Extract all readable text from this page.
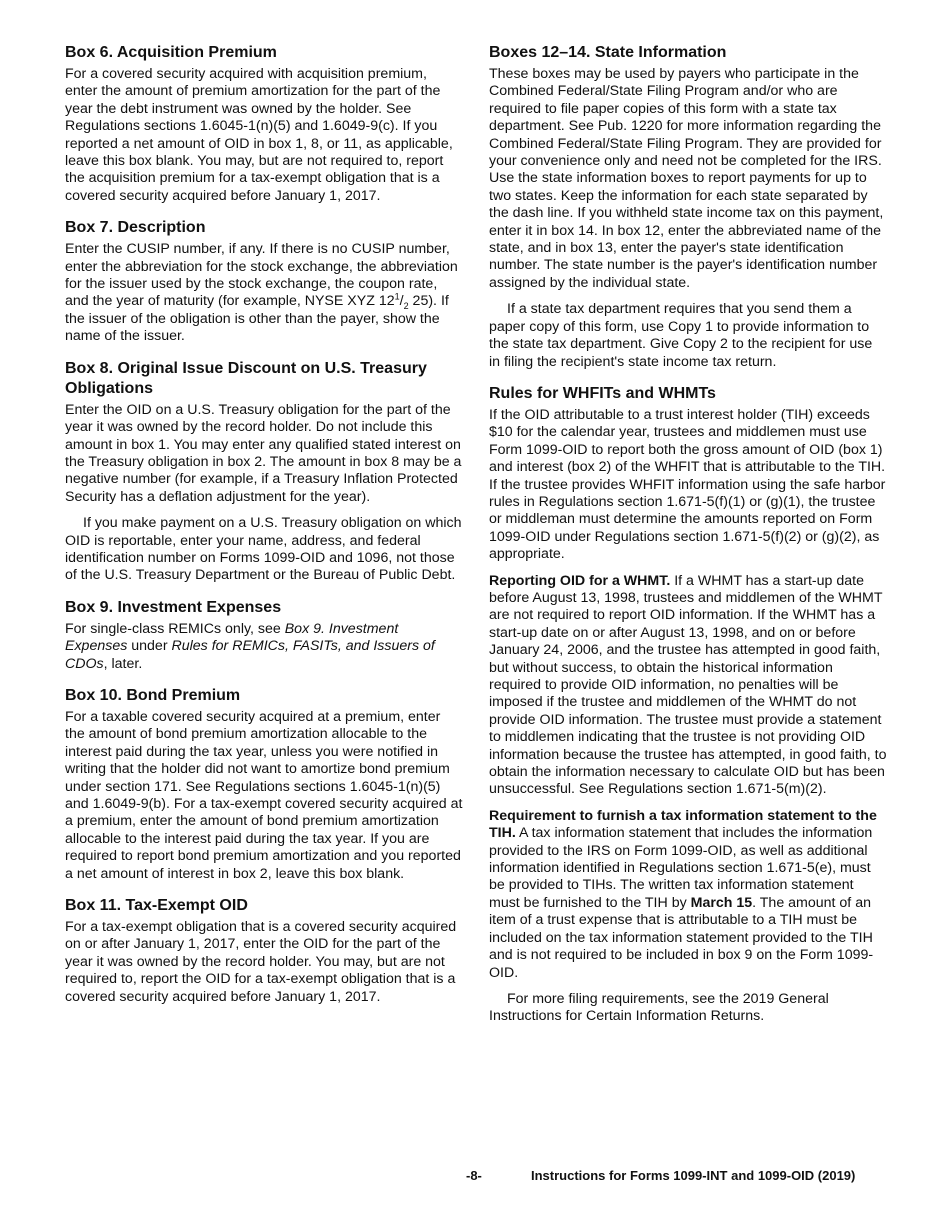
Box 6. Acquisition Premium

For a covered security acquired with acquisition premium, enter the amount of premium amortization for the part of the year the debt instrument was owned by the holder. See Regulations sections 1.6045-1(n)(5) and 1.6049-9(c). If you reported a net amount of OID in box 1, 8, or 11, as applicable, leave this box blank. You may, but are not required to, report the acquisition premium for a tax-exempt obligation that is a covered security acquired before January 1, 2017.

Box 7. Description

Enter the CUSIP number, if any. If there is no CUSIP number, enter the abbreviation for the stock exchange, the abbreviation for the issuer used by the stock exchange, the coupon rate, and the year of maturity (for example, NYSE XYZ $12^1/_2$ 25). If the issuer of the obligation is other than the payer, show the name of the issuer.

Box 8. Original Issue Discount on U.S. Treasury Obligations

Enter the OID on a U.S. Treasury obligation for the part of the year it was owned by the record holder. Do not include this amount in box 1. You may enter any qualified stated interest on the Treasury obligation in box 2. The amount in box 8 may be a negative number (for example, if a Treasury Inflation Protected Security has a deflation adjustment for the year).

If you make payment on a U.S. Treasury obligation on which OID is reportable, enter your name, address, and federal identification number on Forms 1099-OID and 1096, not those of the U.S. Treasury Department or the Bureau of Public Debt.

Box 9. Investment Expenses

For single-class REMICs only, see Box 9. Investment Expenses under Rules for REMICs, FASITs, and Issuers of CDOs, later.

Box 10. Bond Premium

For a taxable covered security acquired at a premium, enter the amount of bond premium amortization allocable to the interest paid during the tax year, unless you were notified in writing that the holder did not want to amortize bond premium under section 171. See Regulations sections 1.6045-1(n)(5) and 1.6049-9(b). For a tax-exempt covered security acquired at a premium, enter the amount of bond premium amortization allocable to the interest paid during the tax year. If you are required to report bond premium amortization and you reported a net amount of interest in box 2, leave this box blank.

Box 11. Tax-Exempt OID

For a tax-exempt obligation that is a covered security acquired on or after January 1, 2017, enter the OID for the part of the year it was owned by the record holder. You may, but are not required to, report the OID for a tax-exempt obligation that is a covered security acquired before January 1, 2017.

Boxes 12–14. State Information

These boxes may be used by payers who participate in the Combined Federal/State Filing Program and/or who are required to file paper copies of this form with a state tax department. See Pub. 1220 for more information regarding the Combined Federal/State Filing Program. They are provided for your convenience only and need not be completed for the IRS. Use the state information boxes to report payments for up to two states. Keep the information for each state separated by the dash line. If you withheld state income tax on this payment, enter it in box 14. In box 12, enter the abbreviated name of the state, and in box 13, enter the payer's state identification number. The state number is the payer's identification number assigned by the individual state.

If a state tax department requires that you send them a paper copy of this form, use Copy 1 to provide information to the state tax department. Give Copy 2 to the recipient for use in filing the recipient's state income tax return.

Rules for WHFITs and WHMTs

If the OID attributable to a trust interest holder (TIH) exceeds $10 for the calendar year, trustees and middlemen must use Form 1099-OID to report both the gross amount of OID (box 1) and interest (box 2) of the WHFIT that is attributable to the TIH. If the trustee provides WHFIT information using the safe harbor rules in Regulations section 1.671-5(f)(1) or (g)(1), the trustee or middleman must determine the amounts reported on Form 1099-OID under Regulations section 1.671-5(f)(2) or (g)(2), as appropriate.

Reporting OID for a WHMT. If a WHMT has a start-up date before August 13, 1998, trustees and middlemen of the WHMT are not required to report OID information. If the WHMT has a start-up date on or after August 13, 1998, and on or before January 24, 2006, and the trustee has attempted in good faith, but without success, to obtain the historical information required to provide OID information, no penalties will be imposed if the trustee and middlemen of the WHMT do not provide OID information. The trustee must provide a statement to middlemen indicating that the trustee is not providing OID information because the trustee has attempted, in good faith, to obtain the information necessary to calculate OID but has been unsuccessful. See Regulations section 1.671-5(m)(2).

Requirement to furnish a tax information statement to the TIH. A tax information statement that includes the information provided to the IRS on Form 1099-OID, as well as additional information identified in Regulations section 1.671-5(e), must be provided to TIHs. The written tax information statement must be furnished to the TIH by March 15. The amount of an item of a trust expense that is attributable to a TIH must be included on the tax information statement provided to the TIH and is not required to be included in box 9 on the Form 1099-OID.

For more filing requirements, see the 2019 General Instructions for Certain Information Returns.

-8-	Instructions for Forms 1099-INT and 1099-OID (2019)
